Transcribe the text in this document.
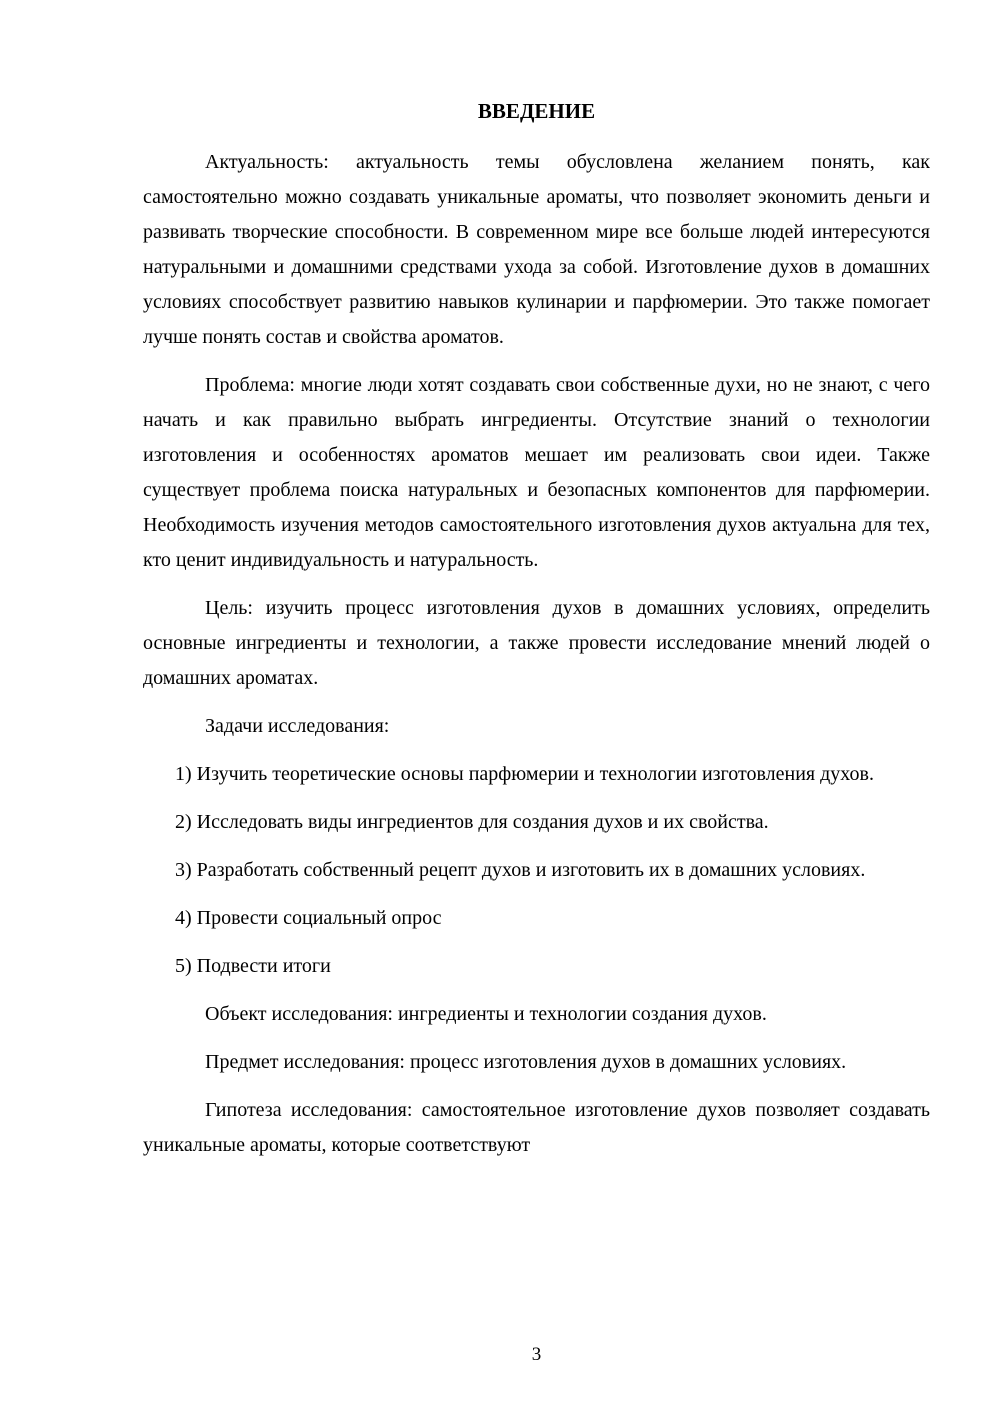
ВВЕДЕНИЕ

Актуальность: актуальность темы обусловлена желанием понять, как самостоятельно можно создавать уникальные ароматы, что позволяет экономить деньги и развивать творческие способности. В современном мире все больше людей интересуются натуральными и домашними средствами ухода за собой. Изготовление духов в домашних условиях способствует развитию навыков кулинарии и парфюмерии. Это также помогает лучше понять состав и свойства ароматов.

Проблема: многие люди хотят создавать свои собственные духи, но не знают, с чего начать и как правильно выбрать ингредиенты. Отсутствие знаний о технологии изготовления и особенностях ароматов мешает им реализовать свои идеи. Также существует проблема поиска натуральных и безопасных компонентов для парфюмерии. Необходимость изучения методов самостоятельного изготовления духов актуальна для тех, кто ценит индивидуальность и натуральность.

Цель: изучить процесс изготовления духов в домашних условиях, определить основные ингредиенты и технологии, а также провести исследование мнений людей о домашних ароматах.

Задачи исследования:

1) Изучить теоретические основы парфюмерии и технологии изготовления духов.

2) Исследовать виды ингредиентов для создания духов и их свойства.

3) Разработать собственный рецепт духов и изготовить их в домашних условиях.

4) Провести социальный опрос

5) Подвести итоги

Объект исследования: ингредиенты и технологии создания духов.

Предмет исследования: процесс изготовления духов в домашних условиях.

Гипотеза исследования: самостоятельное изготовление духов позволяет создавать уникальные ароматы, которые соответствуют

3
